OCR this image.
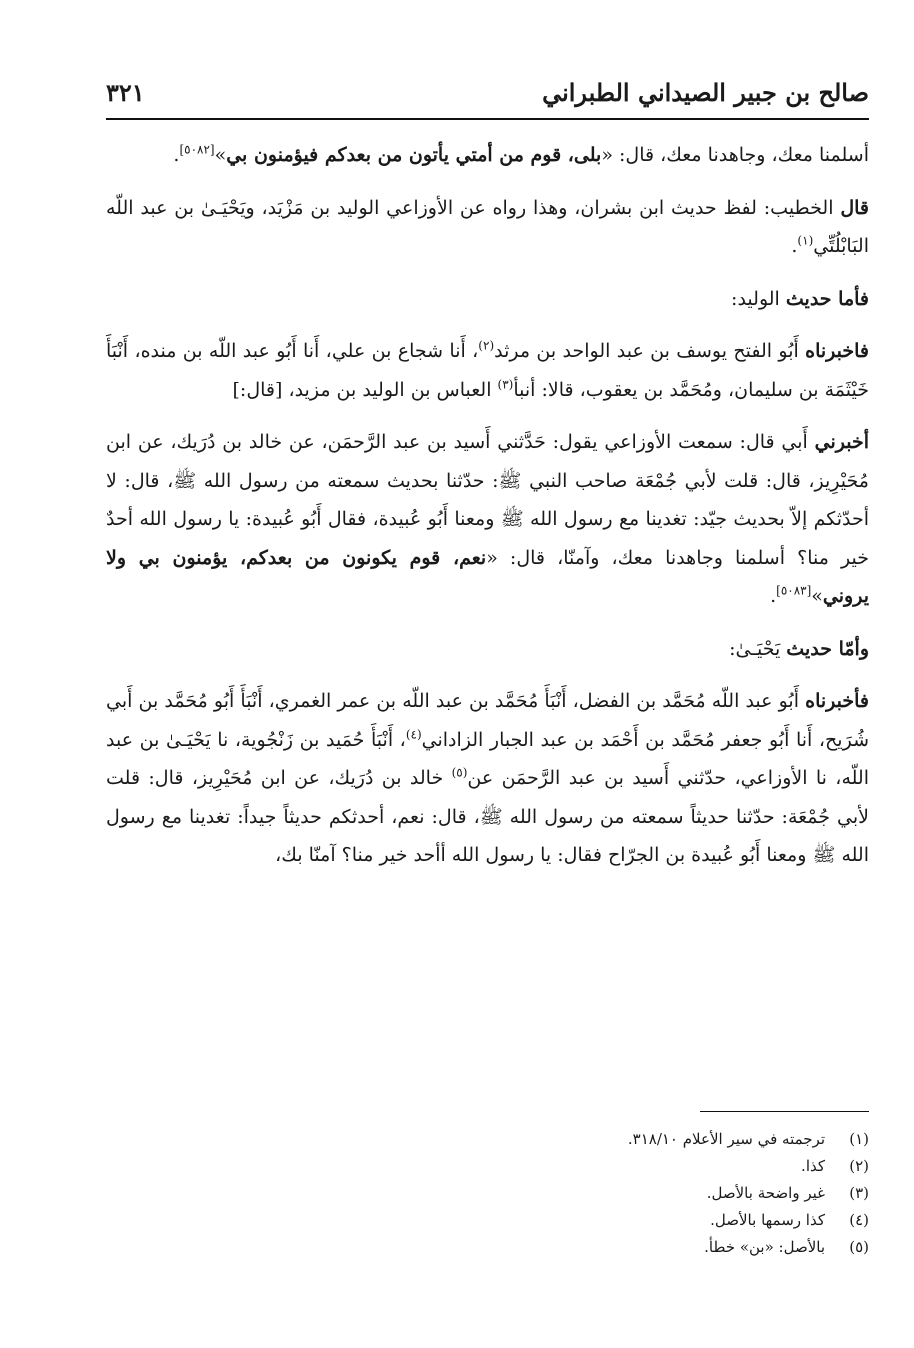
صالح بن جبير الصيداني الطبراني
٣٢١

أسلمنا معك، وجاهدنا معك، قال: «بلى، قوم من أمتي يأتون من بعدكم فيؤمنون بي»[٥٠٨٢].

قال الخطيب: لفظ حديث ابن بشران، وهذا رواه عن الأوزاعي الوليد بن مَزْيَد، ويَحْيَـىٰ بن عبد اللّه البَابْلُتِّي$^{(١)}$.

فأما حديث الوليد:

فاخبرناه أَبُو الفتح يوسف بن عبد الواحد بن مرثد$^{(٢)}$، أَنا شجاع بن علي، أَنا أَبُو عبد اللّه بن منده، أَنْبَأَ خَيْثَمَة بن سليمان، ومُحَمَّد بن يعقوب، قالا: أنبأ$^{(٣)}$ العباس بن الوليد بن مزيد، [قال:]

أخبرني أَبي قال: سمعت الأوزاعي يقول: حَدَّثني أَسيد بن عبد الرَّحمَن، عن خالد بن دُرَيك، عن ابن مُحَيْرِيز، قال: قلت لأبي جُمْعَة صاحب النبي ﷺ: حدّثنا بحديث سمعته من رسول الله ﷺ، قال: لا أحدّثكم إلاّ بحديث جيّد: تغدينا مع رسول الله ﷺ ومعنا أَبُو عُبيدة، فقال أَبُو عُبيدة: يا رسول الله أحدٌ خير منا؟ أسلمنا وجاهدنا معك، وآمنّا، قال: «نعم، قوم يكونون من بعدكم، يؤمنون بي ولا يروني»[٥٠٨٣].

وأمّا حديث يَحْيَـىٰ:

فأخبرناه أَبُو عبد اللّه مُحَمَّد بن الفضل، أَنْبَأَ مُحَمَّد بن عبد اللّه بن عمر الغمري، أَنْبَأَ أَبُو مُحَمَّد بن أَبي شُرَيح، أَنا أَبُو جعفر مُحَمَّد بن أَحْمَد بن عبد الجبار الزاداني$^{(٤)}$، أَنْبَأَ حُمَيد بن زَنْجُوية، نا يَحْيَـىٰ بن عبد اللّه، نا الأوزاعي، حدّثني أَسيد بن عبد الرَّحمَن عن$^{(٥)}$ خالد بن دُرَيك، عن ابن مُحَيْرِيز، قال: قلت لأبي جُمْعَة: حدّثنا حديثاً سمعته من رسول الله ﷺ، قال: نعم، أحدثكم حديثاً جيداً: تغدينا مع رسول الله ﷺ ومعنا أَبُو عُبيدة بن الجرّاح فقال: يا رسول الله أأحد خير منا؟ آمنّا بك،

(١)
ترجمته في سير الأعلام ٣١٨/١٠.
(٢)
كذا.
(٣)
غير واضحة بالأصل.
(٤)
كذا رسمها بالأصل.
(٥)
بالأصل: «بن» خطأ.
